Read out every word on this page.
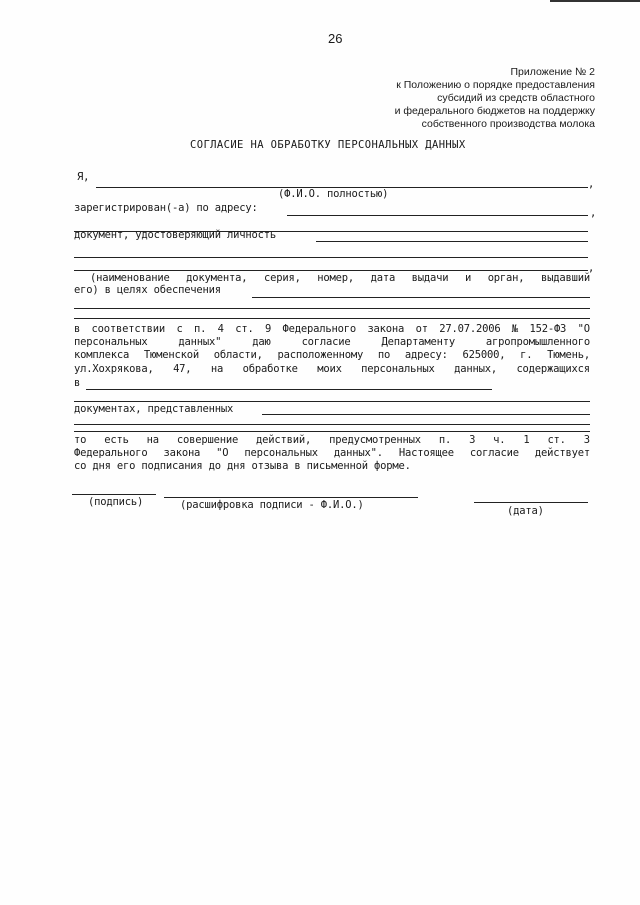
26
Приложение № 2
к Положению о порядке предоставления
субсидий из средств областного
и федерального бюджетов на поддержку
собственного производства молока
СОГЛАСИЕ НА ОБРАБОТКУ ПЕРСОНАЛЬНЫХ ДАННЫХ
Я,
,
(Ф.И.О. полностью)
зарегистрирован(-а) по адресу:	,
документ, удостоверяющий личность
,
(наименование документа, серия, номер, дата выдачи и орган, выдавший
его) в целях обеспечения
в соответствии с п. 4 ст. 9 Федерального закона от 27.07.2006 № 152-ФЗ "О
персональных	данных"	даю	согласие	Департаменту	агропромышленного
комплекса Тюменской области, расположенному по адресу: 625000, г. Тюмень,
ул.Хохрякова, 47, на обработке моих персональных данных, содержащихся
в
документах, представленных
то есть на совершение действий, предусмотренных п. 3 ч. 1 ст. 3
Федерального закона "О персональных данных". Настоящее согласие действует
со дня его подписания до дня отзыва в письменной форме.
(подпись)	(расшифровка подписи - Ф.И.О.)	(дата)
